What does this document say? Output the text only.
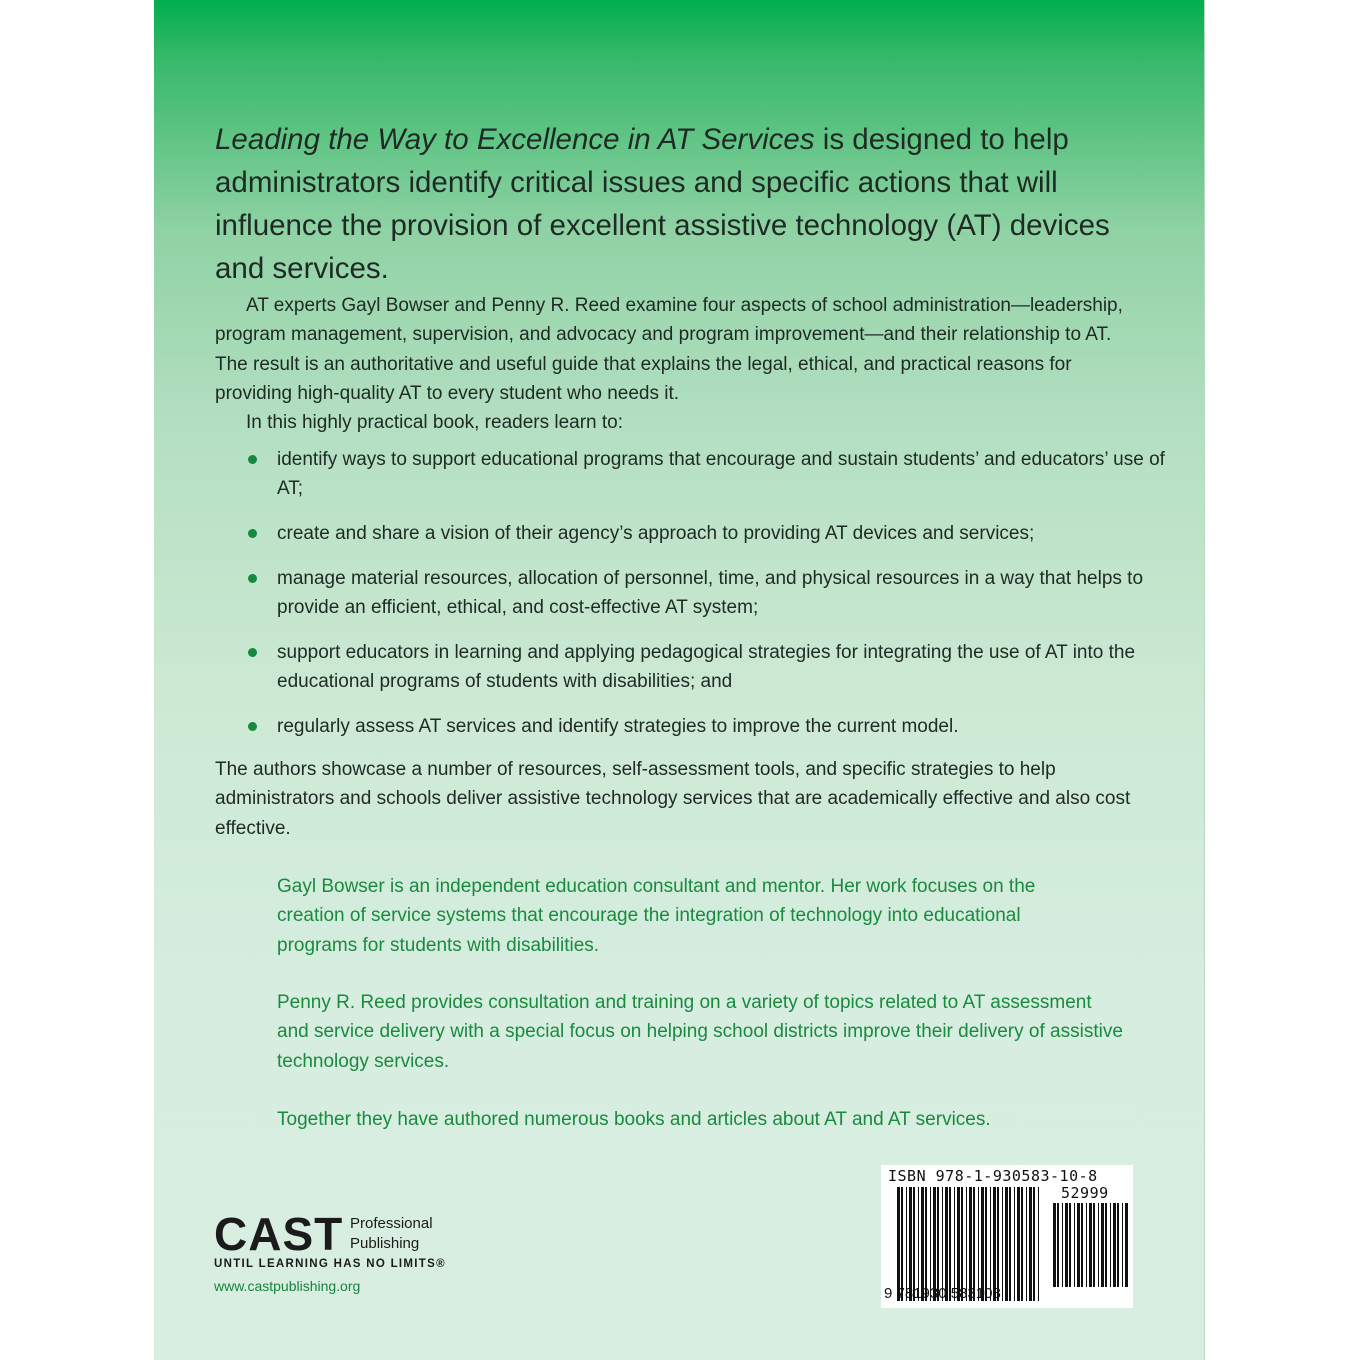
Leading the Way to Excellence in AT Services is designed to help administrators identify critical issues and specific actions that will influence the provision of excellent assistive technology (AT) devices and services.

AT experts Gayl Bowser and Penny R. Reed examine four aspects of school administration—leadership, program management, supervision, and advocacy and program improvement—and their relationship to AT. The result is an authoritative and useful guide that explains the legal, ethical, and practical reasons for providing high-quality AT to every student who needs it.

In this highly practical book, readers learn to:

identify ways to support educational programs that encourage and sustain students’ and educators’ use of AT;
create and share a vision of their agency’s approach to providing AT devices and services;
manage material resources, allocation of personnel, time, and physical resources in a way that helps to provide an efficient, ethical, and cost-effective AT system;
support educators in learning and applying pedagogical strategies for integrating the use of AT into the educational programs of students with disabilities; and
regularly assess AT services and identify strategies to improve the current model.

The authors showcase a number of resources, self-assessment tools, and specific strategies to help administrators and schools deliver assistive technology services that are academically effective and also cost effective.

Gayl Bowser is an independent education consultant and mentor. Her work focuses on the creation of service systems that encourage the integration of technology into educational programs for students with disabilities.

Penny R. Reed provides consultation and training on a variety of topics related to AT assessment and service delivery with a special focus on helping school districts improve their delivery of assistive technology services.

Together they have authored numerous books and articles about AT and AT services.

CAST Professional
Publishing
UNTIL LEARNING HAS NO LIMITS®
www.castpublishing.org
ISBN 978-1-930583-10-8
52999
9 781930 583108
